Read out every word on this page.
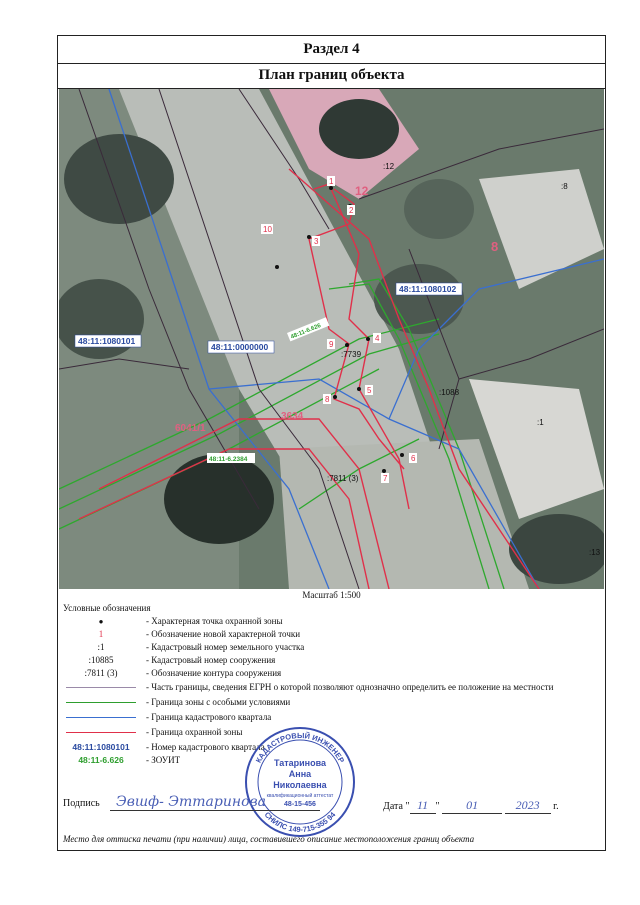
Раздел 4
План границ объекта
1
2
3
4
5
6
7
8
9
10
:12
:8
:1
:13
:7739
:1088
:7811 (3)
12
8
3634
6041/1
48:11:1080102
48:11:1080101
48:11:0000000
48:11-6.626
48:11-6.2384
Масштаб 1:500
Условные обозначения
●	- Характерная точка охранной зоны
1	- Обозначение новой характерной точки
:1	- Кадастровый номер земельного участка
:10885	- Кадастровый номер сооружения
:7811 (3)	- Обозначение контура сооружения
- Часть границы, сведения ЕГРН о которой позволяют однозначно определить ее положение на местности
- Граница зоны с особыми условиями
- Граница кадастрового квартала
- Граница охранной зоны
48:11:1080101	- Номер кадастрового квартала
48:11-6.626	- ЗОУИТ	КАДАСТРОВЫЙ ИНЖЕНЕР
СНИЛС 149-715-355 94
Татаринова
Анна
Николаевна
квалификационный аттестат
48-15-456
Подпись Эвшф- Эттаринова	Дата " 11 " 01	2023 г.
Место для оттиска печати (при наличии) лица, составившего описание местоположения границ объекта
